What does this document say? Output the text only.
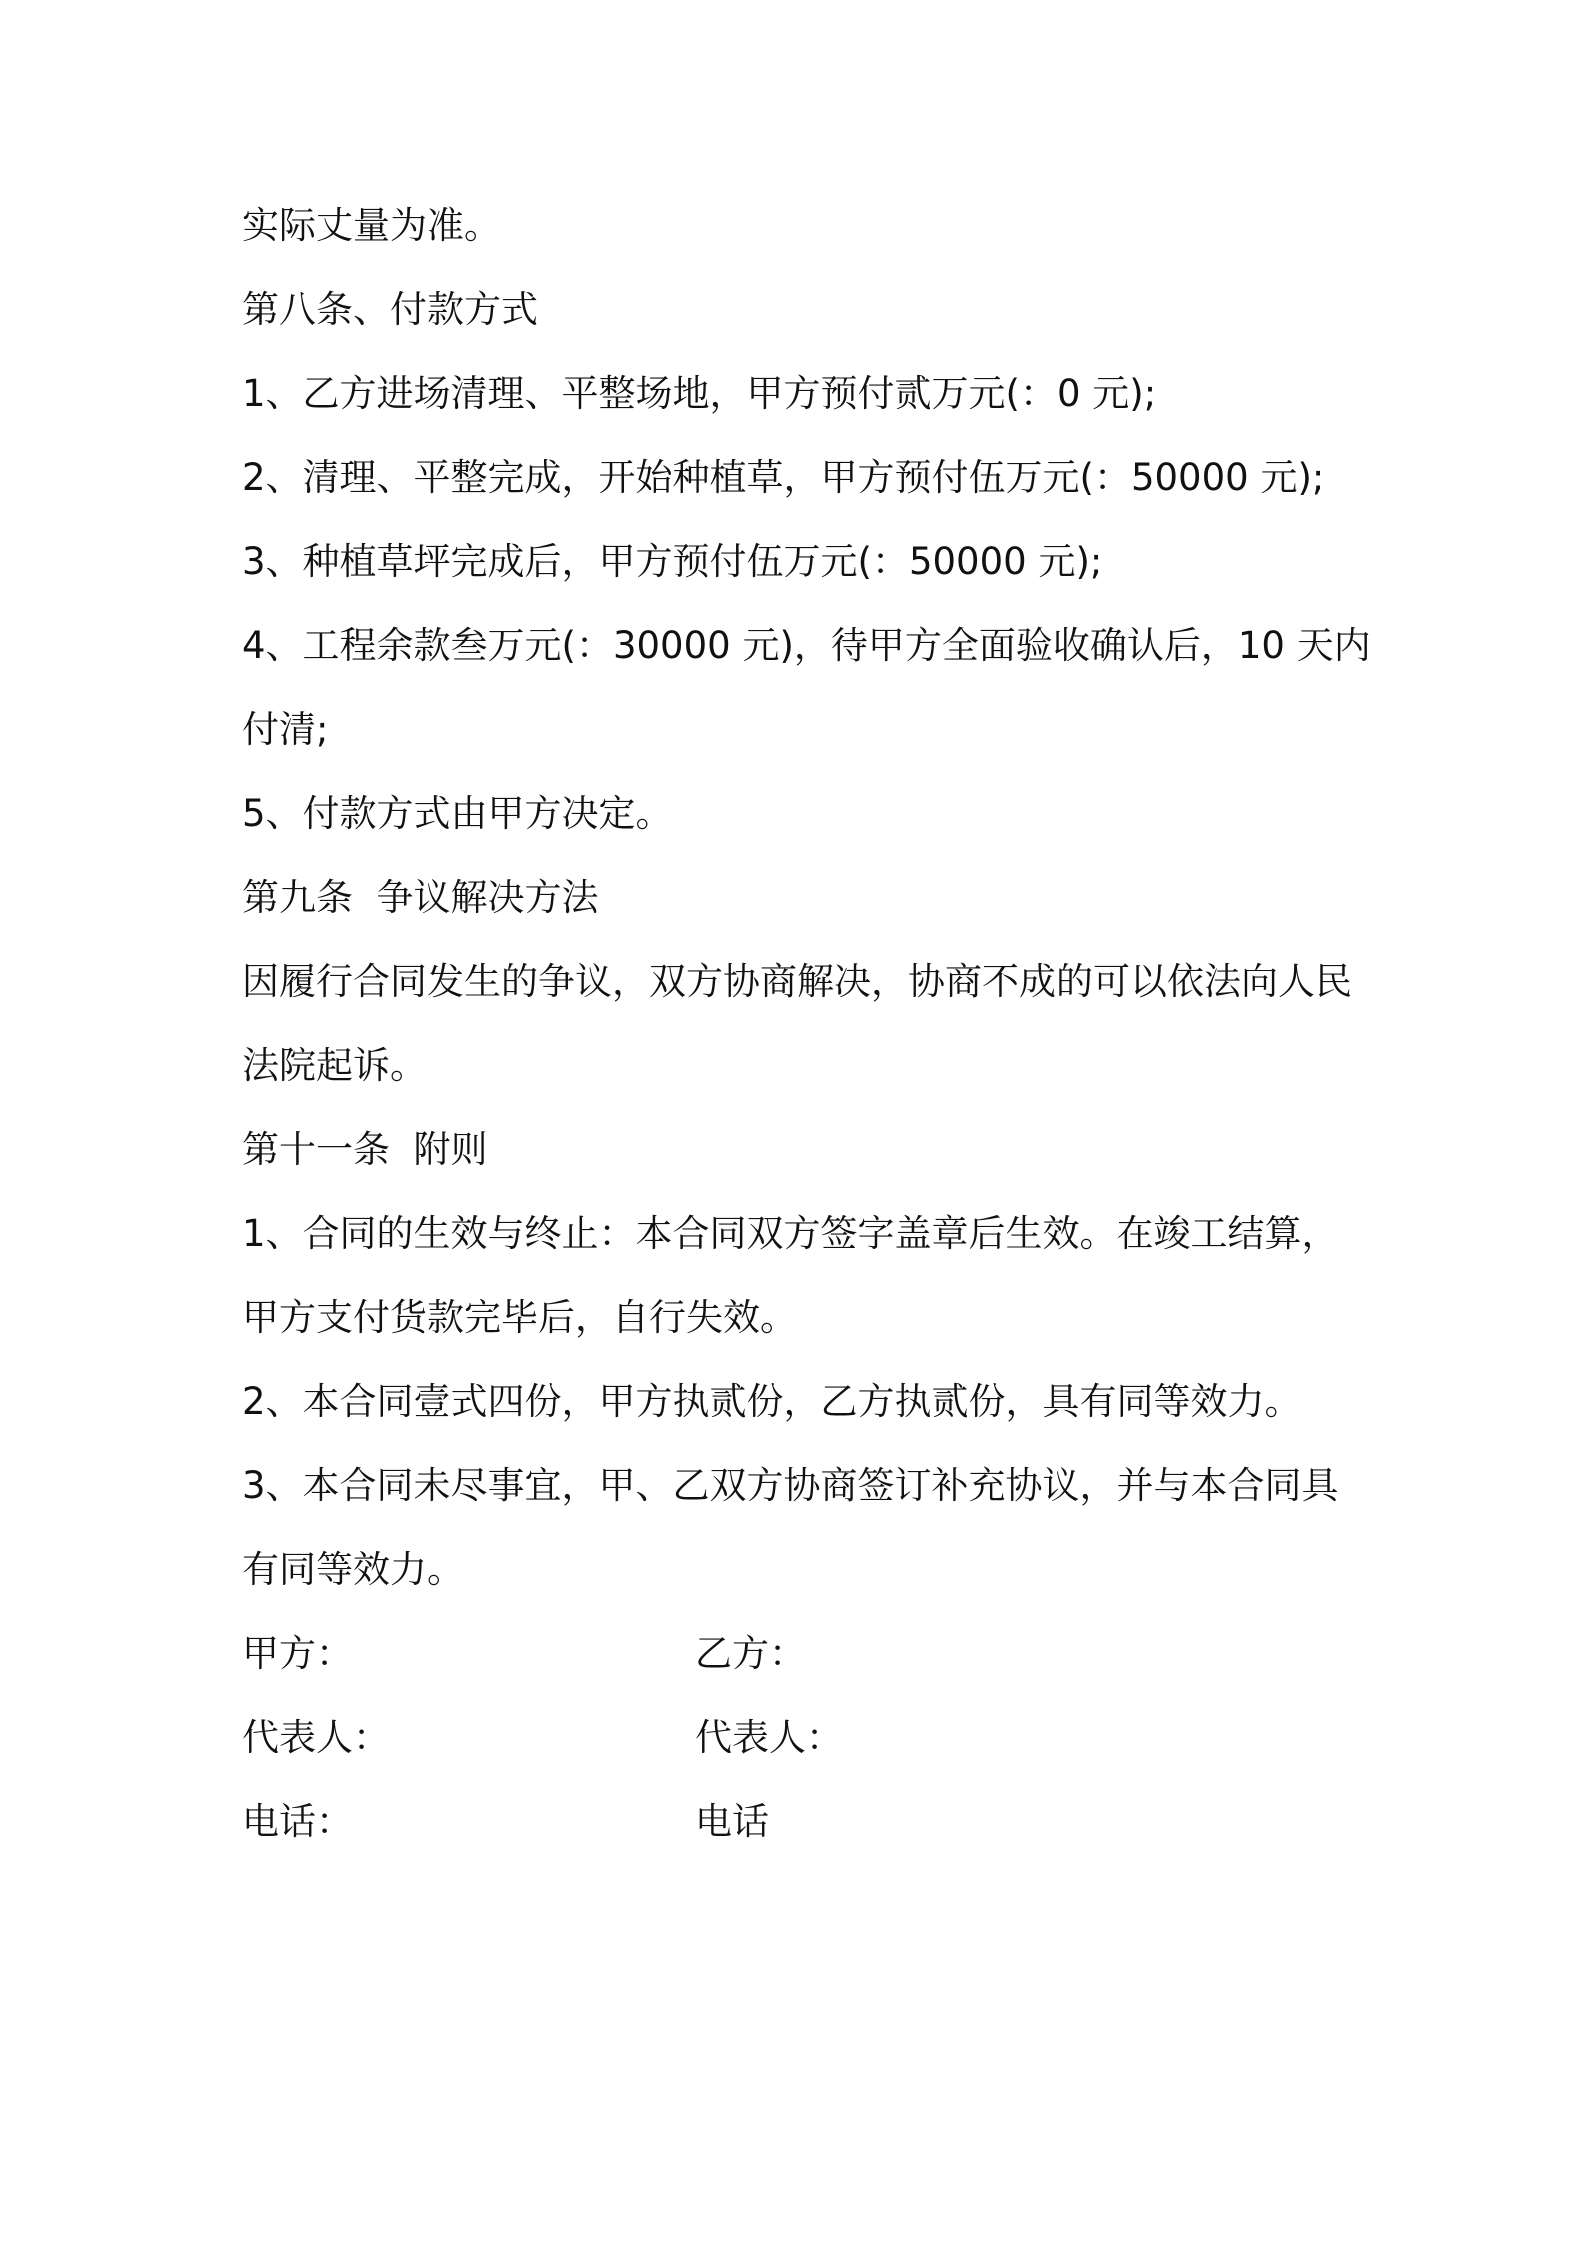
实际丈量为准。
第八条、付款方式
1、乙方进场清理、平整场地，甲方预付贰万元(：0 元);
2、清理、平整完成，开始种植草，甲方预付伍万元(：50000 元);
3、种植草坪完成后，甲方预付伍万元(：50000 元);
4、工程余款叁万元(：30000 元)，待甲方全面验收确认后，10 天内
付清;
5、付款方式由甲方决定。
第九条  争议解决方法
因履行合同发生的争议，双方协商解决，协商不成的可以依法向人民
法院起诉。
第十一条  附则
1、合同的生效与终止：本合同双方签字盖章后生效。在竣工结算，
甲方支付货款完毕后，自行失效。
2、本合同壹式四份，甲方执贰份，乙方执贰份，具有同等效力。
3、本合同未尽事宜，甲、乙双方协商签订补充协议，并与本合同具
有同等效力。
甲方：	乙方：
代表人：	代表人：
电话：	电话
